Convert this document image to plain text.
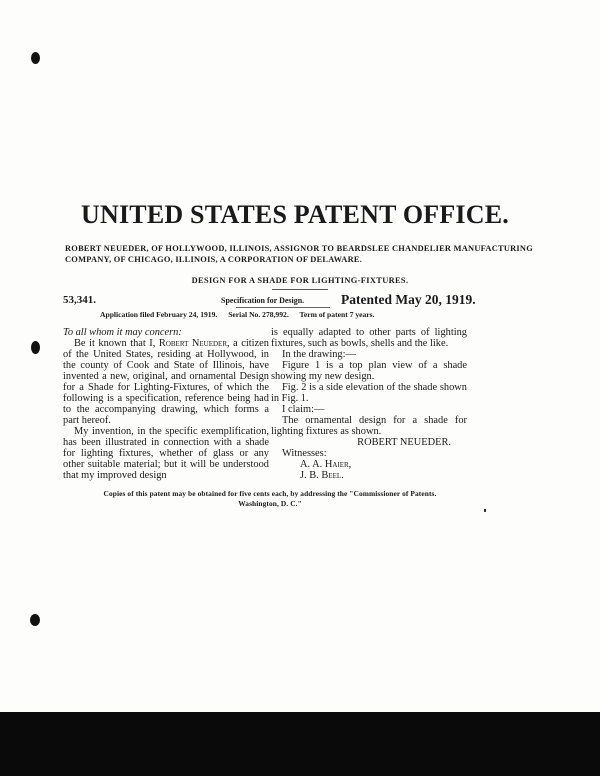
UNITED STATES PATENT OFFICE.
ROBERT NEUEDER, OF HOLLYWOOD, ILLINOIS, ASSIGNOR TO BEARDSLEE CHANDELIER MANUFACTURING COMPANY, OF CHICAGO, ILLINOIS, A CORPORATION OF DELAWARE.
DESIGN FOR A SHADE FOR LIGHTING-FIXTURES.
53,341.	Specification for Design.	Patented May 20, 1919.
Application filed February 24, 1919. Serial No. 278,992. Term of patent 7 years.

To all whom it may concern:

Be it known that I, Robert Neueder, a citizen of the United States, residing at Hollywood, in the county of Cook and State of Illinois, have invented a new, original, and ornamental Design for a Shade for Lighting-Fixtures, of which the following is a specification, reference being had to the accompanying drawing, which forms a part hereof.

My invention, in the specific exemplification, has been illustrated in connection with a shade for lighting fixtures, whether of glass or any other suitable material; but it will be understood that my improved design

is equally adapted to other parts of lighting fixtures, such as bowls, shells and the like.

In the drawing:—

Figure 1 is a top plan view of a shade showing my new design.

Fig. 2 is a side elevation of the shade shown in Fig. 1.

I claim:—

The ornamental design for a shade for lighting fixtures as shown.

ROBERT NEUEDER.

Witnesses:

A. A. Haier,

J. B. Beel.

Copies of this patent may be obtained for five cents each, by addressing the "Commissioner of Patents.
Washington, D. C."
